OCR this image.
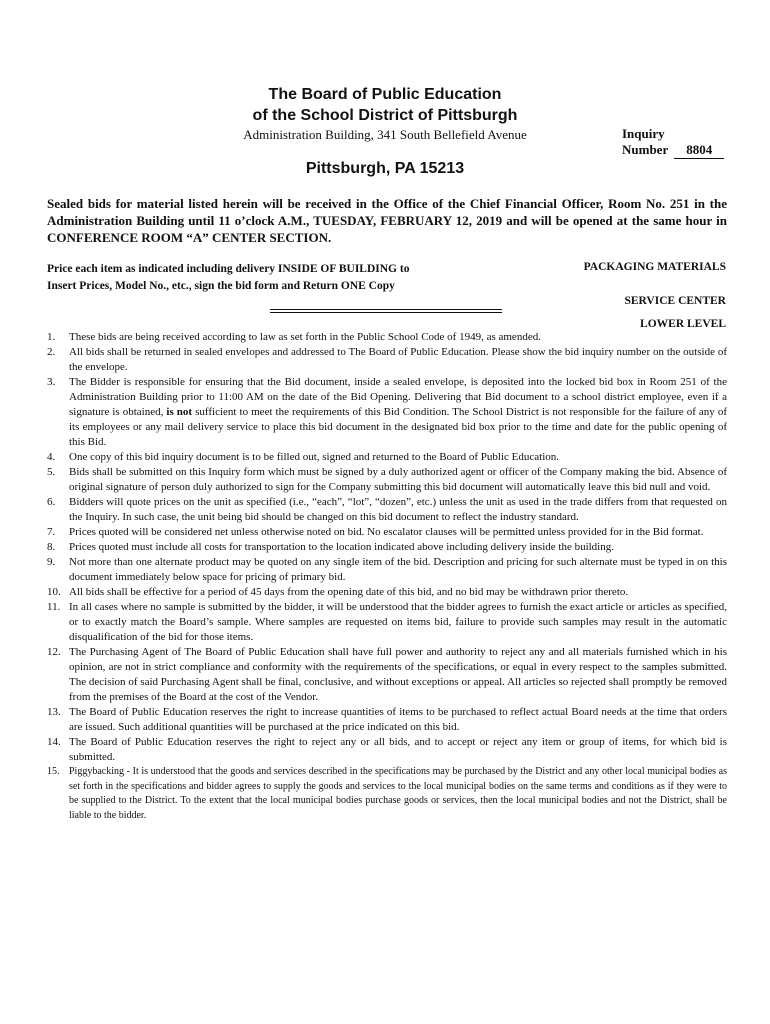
The Board of Public Education
of the School District of Pittsburgh
Administration Building, 341 South Bellefield Avenue	Inquiry
Number 8804
Pittsburgh, PA 15213
Sealed bids for material listed herein will be received in the Office of the Chief Financial Officer, Room No. 251 in the Administration Building until 11 o’clock A.M., TUESDAY, FEBRUARY 12, 2019 and will be opened at the same hour in CONFERENCE ROOM “A” CENTER SECTION.
Price each item as indicated including delivery INSIDE OF BUILDING to
Insert Prices, Model No., etc., sign the bid form and Return ONE Copy
PACKAGING MATERIALS
SERVICE CENTER
LOWER LEVEL
1. These bids are being received according to law as set forth in the Public School Code of 1949, as amended.
2. All bids shall be returned in sealed envelopes and addressed to The Board of Public Education. Please show the bid inquiry number on the outside of the envelope.
3. The Bidder is responsible for ensuring that the Bid document, inside a sealed envelope, is deposited into the locked bid box in Room 251 of the Administration Building prior to 11:00 AM on the date of the Bid Opening. Delivering that Bid document to a school district employee, even if a signature is obtained, is not sufficient to meet the requirements of this Bid Condition. The School District is not responsible for the failure of any of its employees or any mail delivery service to place this bid document in the designated bid box prior to the time and date for the public opening of this Bid.
4. One copy of this bid inquiry document is to be filled out, signed and returned to the Board of Public Education.
5. Bids shall be submitted on this Inquiry form which must be signed by a duly authorized agent or officer of the Company making the bid. Absence of original signature of person duly authorized to sign for the Company submitting this bid document will automatically leave this bid null and void.
6. Bidders will quote prices on the unit as specified (i.e., “each”, “lot”, “dozen”, etc.) unless the unit as used in the trade differs from that requested on the Inquiry. In such case, the unit being bid should be changed on this bid document to reflect the industry standard.
7. Prices quoted will be considered net unless otherwise noted on bid. No escalator clauses will be permitted unless provided for in the Bid format.
8. Prices quoted must include all costs for transportation to the location indicated above including delivery inside the building.
9. Not more than one alternate product may be quoted on any single item of the bid. Description and pricing for such alternate must be typed in on this document immediately below space for pricing of primary bid.
10. All bids shall be effective for a period of 45 days from the opening date of this bid, and no bid may be withdrawn prior thereto.
11. In all cases where no sample is submitted by the bidder, it will be understood that the bidder agrees to furnish the exact article or articles as specified, or to exactly match the Board’s sample. Where samples are requested on items bid, failure to provide such samples may result in the automatic disqualification of the bid for those items.
12. The Purchasing Agent of The Board of Public Education shall have full power and authority to reject any and all materials furnished which in his opinion, are not in strict compliance and conformity with the requirements of the specifications, or equal in every respect to the samples submitted. The decision of said Purchasing Agent shall be final, conclusive, and without exceptions or appeal. All articles so rejected shall promptly be removed from the premises of the Board at the cost of the Vendor.
13. The Board of Public Education reserves the right to increase quantities of items to be purchased to reflect actual Board needs at the time that orders are issued. Such additional quantities will be purchased at the price indicated on this bid.
14. The Board of Public Education reserves the right to reject any or all bids, and to accept or reject any item or group of items, for which bid is submitted.
15. Piggybacking - It is understood that the goods and services described in the specifications may be purchased by the District and any other local municipal bodies as set forth in the specifications and bidder agrees to supply the goods and services to the local municipal bodies on the same terms and conditions as if they were to be supplied to the District. To the extent that the local municipal bodies purchase goods or services, then the local municipal bodies and not the District, shall be liable to the bidder.
